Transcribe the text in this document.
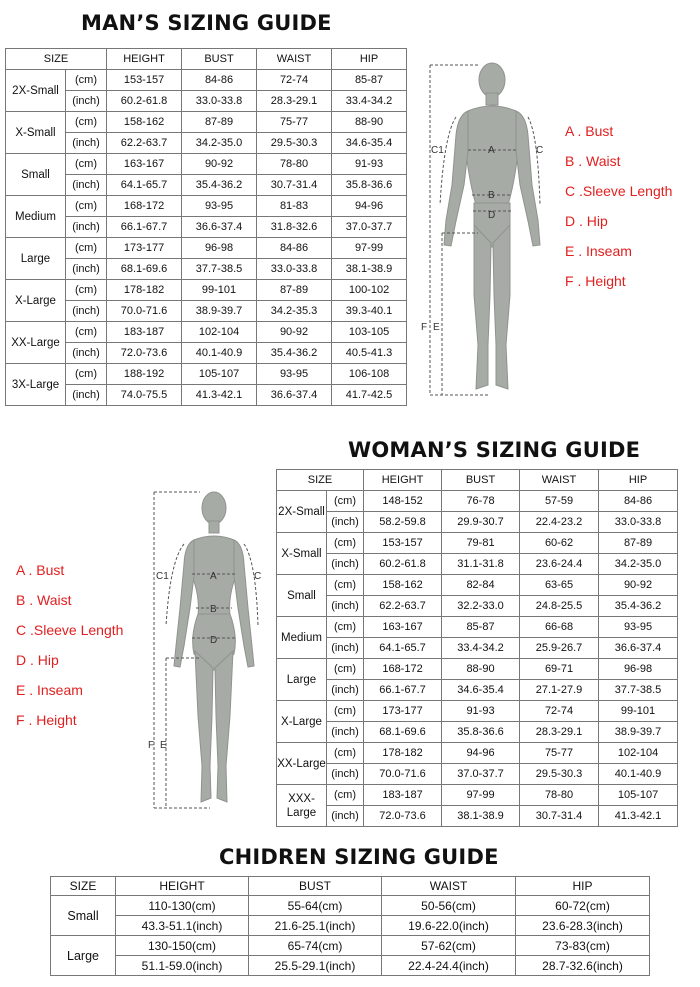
MAN’S SIZING GUIDE
SIZE		HEIGHT	BUST	WAIST	HIP
2X-Small	(cm)	153-157	84-86	72-74	85-87
	(inch)	60.2-61.8	33.0-33.8	28.3-29.1	33.4-34.2
X-Small	(cm)	158-162	87-89	75-77	88-90
	(inch)	62.2-63.7	34.2-35.0	29.5-30.3	34.6-35.4
Small	(cm)	163-167	90-92	78-80	91-93
	(inch)	64.1-65.7	35.4-36.2	30.7-31.4	35.8-36.6
Medium	(cm)	168-172	93-95	81-83	94-96
	(inch)	66.1-67.7	36.6-37.4	31.8-32.6	37.0-37.7
Large	(cm)	173-177	96-98	84-86	97-99
	(inch)	68.1-69.6	37.7-38.5	33.0-33.8	38.1-38.9
X-Large	(cm)	178-182	99-101	87-89	100-102
	(inch)	70.0-71.6	38.9-39.7	34.2-35.3	39.3-40.1
XX-Large	(cm)	183-187	102-104	90-92	103-105
	(inch)	72.0-73.6	40.1-40.9	35.4-36.2	40.5-41.3
3X-Large	(cm)	188-192	105-107	93-95	106-108
	(inch)	74.0-75.5	41.3-42.1	36.6-37.4	41.7-42.5
A
B
D
C1	C
F E
A . Bust
B . Waist
C .Sleeve Length
D . Hip
E . Inseam
F . Height
WOMAN’S SIZING GUIDE
A . Bust
B . Waist
C .Sleeve Length
D . Hip
E . Inseam
F . Height
A
B
D
C1	C
F E
SIZE		HEIGHT	BUST	WAIST	HIP
2X-Small	(cm)	148-152	76-78	57-59	84-86
	(inch)	58.2-59.8	29.9-30.7	22.4-23.2	33.0-33.8
X-Small	(cm)	153-157	79-81	60-62	87-89
	(inch)	60.2-61.8	31.1-31.8	23.6-24.4	34.2-35.0
Small	(cm)	158-162	82-84	63-65	90-92
	(inch)	62.2-63.7	32.2-33.0	24.8-25.5	35.4-36.2
Medium	(cm)	163-167	85-87	66-68	93-95
	(inch)	64.1-65.7	33.4-34.2	25.9-26.7	36.6-37.4
Large	(cm)	168-172	88-90	69-71	96-98
	(inch)	66.1-67.7	34.6-35.4	27.1-27.9	37.7-38.5
X-Large	(cm)	173-177	91-93	72-74	99-101
	(inch)	68.1-69.6	35.8-36.6	28.3-29.1	38.9-39.7
XX-Large	(cm)	178-182	94-96	75-77	102-104
	(inch)	70.0-71.6	37.0-37.7	29.5-30.3	40.1-40.9
XXX-Large	(cm)	183-187	97-99	78-80	105-107
	(inch)	72.0-73.6	38.1-38.9	30.7-31.4	41.3-42.1
CHIDREN SIZING GUIDE
SIZE	HEIGHT	BUST	WAIST	HIP
Small	110-130(cm)	55-64(cm)	50-56(cm)	60-72(cm)
	43.3-51.1(inch)	21.6-25.1(inch)	19.6-22.0(inch)	23.6-28.3(inch)
Large	130-150(cm)	65-74(cm)	57-62(cm)	73-83(cm)
	51.1-59.0(inch)	25.5-29.1(inch)	22.4-24.4(inch)	28.7-32.6(inch)
